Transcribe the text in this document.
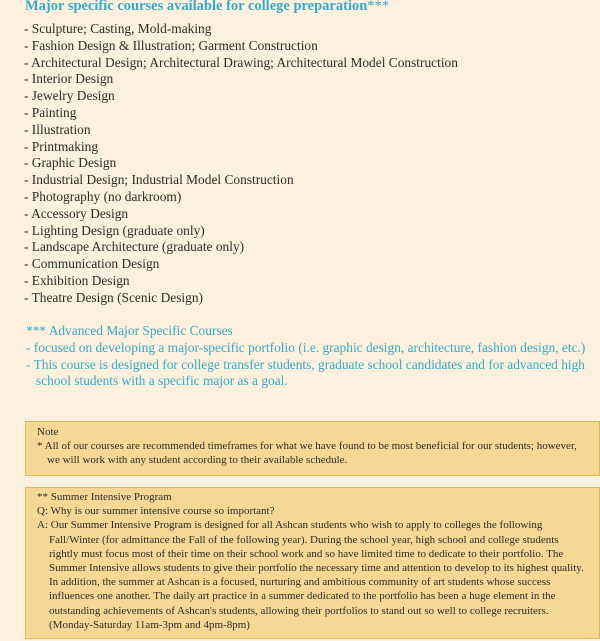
Major specific courses available for college preparation***
- Sculpture; Casting, Mold-making
- Fashion Design & Illustration; Garment Construction
- Architectural Design; Architectural Drawing; Architectural Model Construction
- Interior Design
- Jewelry Design
- Painting
- Illustration
- Printmaking
- Graphic Design
- Industrial Design; Industrial Model Construction
- Photography (no darkroom)
- Accessory Design
- Lighting Design (graduate only)
- Landscape Architecture (graduate only)
- Communication Design
- Exhibition Design
- Theatre Design (Scenic Design)
*** Advanced Major Specific Courses

- focused on developing a major-specific portfolio (i.e. graphic design, architecture, fashion design, etc.)

- This course is designed for college transfer students, graduate school candidates and for advanced high school students with a specific major as a goal.

Note

* All of our courses are recommended timeframes for what we have found to be most beneficial for our students; however, we will work with any student according to their available schedule.

** Summer Intensive Program

Q: Why is our summer intensive course so important?

A: Our Summer Intensive Program is designed for all Ashcan students who wish to apply to colleges the following Fall/Winter (for admittance the Fall of the following year). During the school year, high school and college students rightly must focus most of their time on their school work and so have limited time to dedicate to their portfolio. The Summer Intensive allows students to give their portfolio the necessary time and attention to develop to its highest quality. In addition, the summer at Ashcan is a focused, nurturing and ambitious community of art students whose success influences one another. The daily art practice in a summer dedicated to the portfolio has been a huge element in the outstanding achievements of Ashcan's students, allowing their portfolios to stand out so well to college recruiters. (Monday-Saturday 11am-3pm and 4pm-8pm)
